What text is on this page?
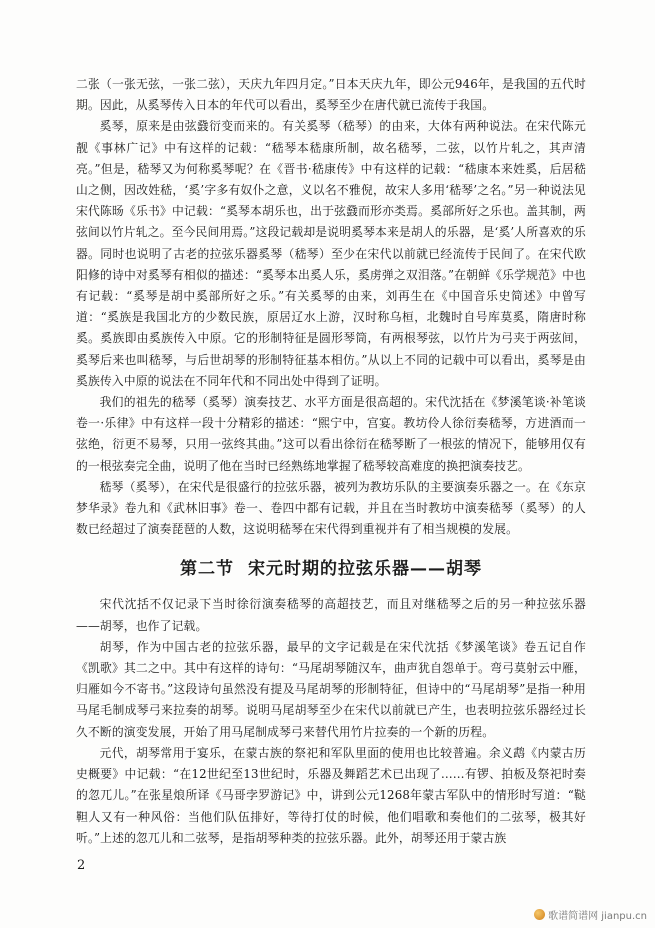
二张（一张无弦，一张二弦），天庆九年四月定。”日本天庆九年，即公元946年，是我国的五代时期。因此，从奚琴传入日本的年代可以看出，奚琴至少在唐代就已流传于我国。

奚琴，原来是由弦鼗衍变而来的。有关奚琴（嵇琴）的由来，大体有两种说法。在宋代陈元靓《事林广记》中有这样的记载：“嵇琴本嵇康所制，故名嵇琴，二弦，以竹片轧之，其声清亮。”但是，嵇琴又为何称奚琴呢？在《晋书·嵇康传》中有这样的记载：“嵇康本来姓奚，后居嵇山之侧，因改姓嵇，‘奚’字多有奴仆之意，义以名不雅倪，故宋人多用‘嵇琴’之名。”另一种说法见宋代陈旸《乐书》中记载：“奚琴本胡乐也，出于弦鼗而形亦类焉。奚部所好之乐也。盖其制，两弦间以竹片轧之。至今民间用焉。”这段记载却是说明奚琴本来是胡人的乐器，是‘奚’人所喜欢的乐器。同时也说明了古老的拉弦乐器奚琴（嵇琴）至少在宋代以前就已经流传于民间了。在宋代欧阳修的诗中对奚琴有相似的描述：“奚琴本出奚人乐，奚虏弹之双泪落。”在朝鲜《乐学规范》中也有记载：“奚琴是胡中奚部所好之乐。”有关奚琴的由来，刘再生在《中国音乐史简述》中曾写道：“奚族是我国北方的少数民族，原居辽水上游，汉时称乌桓，北魏时自号库莫奚，隋唐时称奚。奚族即由奚族传入中原。它的形制特征是圆形琴筒，有两根琴弦，以竹片为弓夹于两弦间，奚琴后来也叫嵇琴，与后世胡琴的形制特征基本相仿。”从以上不同的记载中可以看出，奚琴是由奚族传入中原的说法在不同年代和不同出处中得到了证明。

我们的祖先的嵇琴（奚琴）演奏技艺、水平方面是很高超的。宋代沈括在《梦溪笔谈·补笔谈卷一·乐律》中有这样一段十分精彩的描述：“熙宁中，宫宴。教坊伶人徐衍奏嵇琴，方进酒而一弦绝，衍更不易琴，只用一弦终其曲。”这可以看出徐衍在嵇琴断了一根弦的情况下，能够用仅有的一根弦奏完全曲，说明了他在当时已经熟练地掌握了嵇琴较高难度的换把演奏技艺。

嵇琴（奚琴），在宋代是很盛行的拉弦乐器，被列为教坊乐队的主要演奏乐器之一。在《东京梦华录》卷九和《武林旧事》卷一、卷四中都有记载，并且在当时教坊中演奏嵇琴（奚琴）的人数已经超过了演奏琵琶的人数，这说明嵇琴在宋代得到重视并有了相当规模的发展。

第二节 宋元时期的拉弦乐器——胡琴

宋代沈括不仅记录下当时徐衍演奏嵇琴的高超技艺，而且对继嵇琴之后的另一种拉弦乐器——胡琴，也作了记载。

胡琴，作为中国古老的拉弦乐器，最早的文字记载是在宋代沈括《梦溪笔谈》卷五记自作《凯歌》其二之中。其中有这样的诗句：“马尾胡琴随汉车，曲声犹自怨单于。弯弓莫射云中雁，归雁如今不寄书。”这段诗句虽然没有提及马尾胡琴的形制特征，但诗中的“马尾胡琴”是指一种用马尾毛制成琴弓来拉奏的胡琴。说明马尾胡琴至少在宋代以前就已产生，也表明拉弦乐器经过长久不断的演变发展，开始了用马尾制成琴弓来替代用竹片拉奏的一个新的历程。

元代，胡琴常用于宴乐，在蒙古族的祭祀和军队里面的使用也比较普遍。余义鹉《内蒙古历史概要》中记载：“在12世纪至13世纪时，乐器及舞蹈艺术已出现了……有锣、拍板及祭祀时奏的忽兀儿。”在张星烺所译《马哥孛罗游记》中，讲到公元1268年蒙古军队中的情形时写道：“鞑靼人又有一种风俗：当他们队伍排好，等待打仗的时候，他们唱歌和奏他们的二弦琴，极其好听。”上述的忽兀儿和二弦琴，是指胡琴种类的拉弦乐器。此外，胡琴还用于蒙古族

2
歌谱简谱网 jianpu.cn
